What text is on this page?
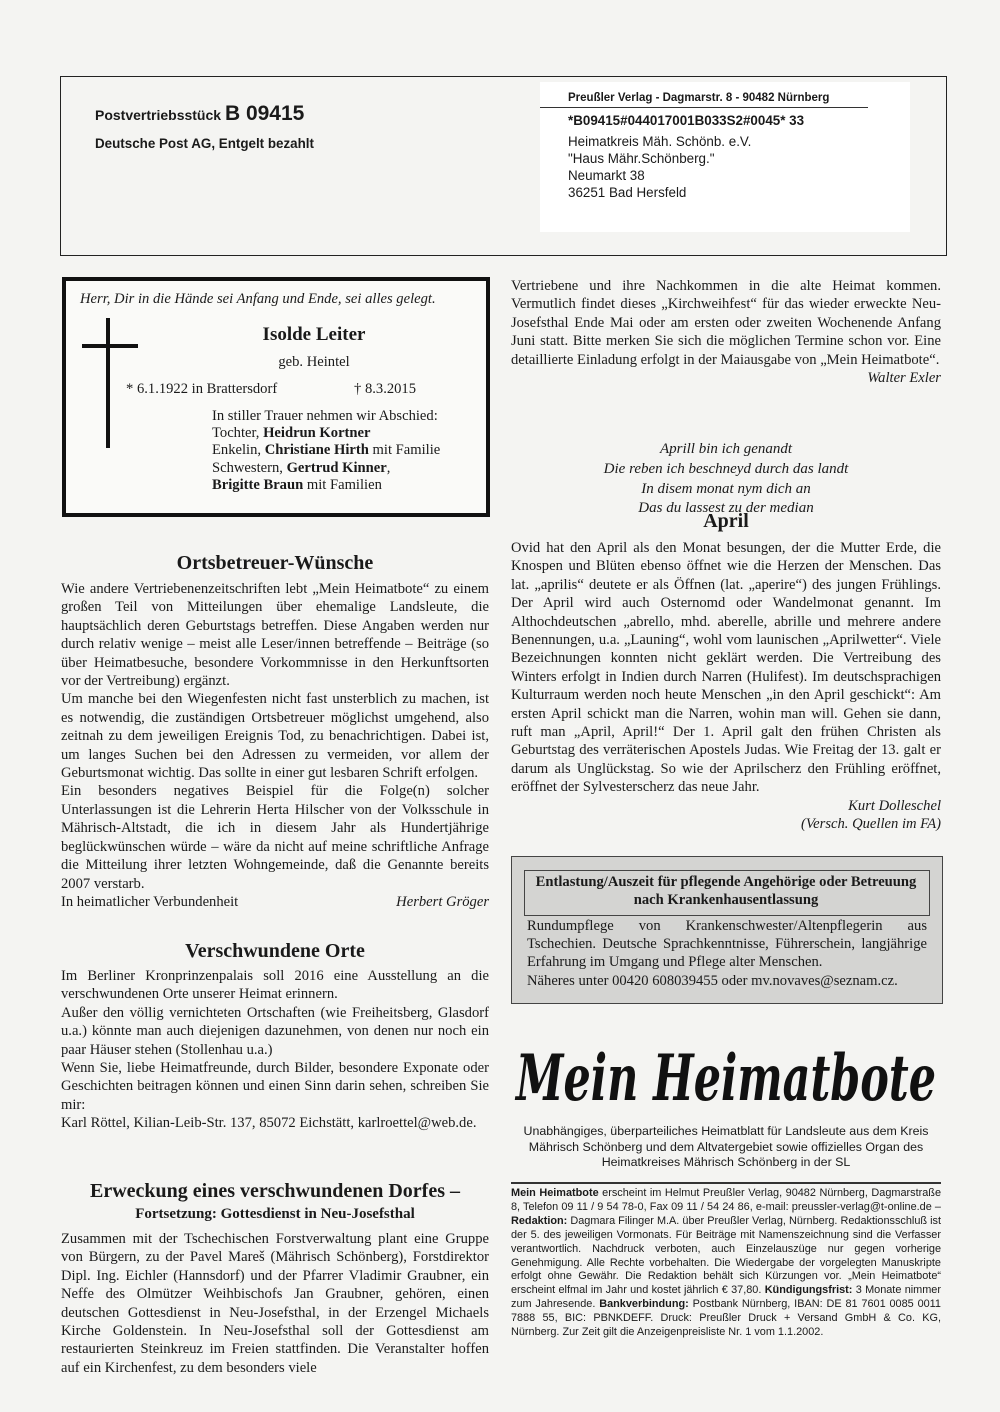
Postvertriebsstück B 09415
Deutsche Post AG, Entgelt bezahlt
Preußler Verlag - Dagmarstr. 8 - 90482 Nürnberg
*B09415#044017001B033S2#0045* 33
Heimatkreis Mäh. Schönb. e.V.
"Haus Mähr.Schönberg."
Neumarkt 38
36251 Bad Hersfeld
Herr, Dir in die Hände sei Anfang und Ende, sei alles gelegt.
Isolde Leiter
geb. Heintel
* 6.1.1922 in Brattersdorf	† 8.3.2015
In stiller Trauer nehmen wir Abschied:
Tochter, Heidrun Kortner
Enkelin, Christiane Hirth mit Familie
Schwestern, Gertrud Kinner,
Brigitte Braun mit Familien
Ortsbetreuer-Wünsche

Wie andere Vertriebenenzeitschriften lebt „Mein Heimatbote“ zu einem großen Teil von Mitteilungen über ehemalige Landsleute, die hauptsächlich deren Geburtstags betreffen. Diese Angaben werden nur durch relativ wenige – meist alle Leser/innen betreffende – Beiträge (so über Heimatbesuche, besondere Vorkommnisse in den Herkunftsorten vor der Vertreibung) ergänzt.

Um manche bei den Wiegenfesten nicht fast unsterblich zu machen, ist es notwendig, die zuständigen Ortsbetreuer möglichst umgehend, also zeitnah zu dem jeweiligen Ereignis Tod, zu benachrichtigen. Dabei ist, um langes Suchen bei den Adressen zu vermeiden, vor allem der Geburtsmonat wichtig. Das sollte in einer gut lesbaren Schrift erfolgen.

Ein besonders negatives Beispiel für die Folge(n) solcher Unterlassungen ist die Lehrerin Herta Hilscher von der Volksschule in Mährisch-Altstadt, die ich in diesem Jahr als Hundertjährige beglückwünschen würde – wäre da nicht auf meine schriftliche Anfrage die Mitteilung ihrer letzten Wohngemeinde, daß die Genannte bereits 2007 verstarb.

In heimatlicher Verbundenheit	Herbert Gröger
Verschwundene Orte

Im Berliner Kronprinzenpalais soll 2016 eine Ausstellung an die verschwundenen Orte unserer Heimat erinnern.

Außer den völlig vernichteten Ortschaften (wie Freiheitsberg, Glasdorf u.a.) könnte man auch diejenigen dazunehmen, von denen nur noch ein paar Häuser stehen (Stollenhau u.a.)

Wenn Sie, liebe Heimatfreunde, durch Bilder, besondere Exponate oder Geschichten beitragen können und einen Sinn darin sehen, schreiben Sie mir:

Karl Röttel, Kilian-Leib-Str. 137, 85072 Eichstätt, karlroettel@web.de.

Erweckung eines verschwundenen Dorfes –
Fortsetzung: Gottesdienst in Neu-Josefsthal

Zusammen mit der Tschechischen Forstverwaltung plant eine Gruppe von Bürgern, zu der Pavel Mareš (Mährisch Schönberg), Forstdirektor Dipl. Ing. Eichler (Hannsdorf) und der Pfarrer Vladimir Graubner, ein Neffe des Olmützer Weihbischofs Jan Graubner, gehören, einen deutschen Gottesdienst in Neu-Josefsthal, in der Erzengel Michaels Kirche Goldenstein. In Neu-Josefsthal soll der Gottesdienst am restaurierten Steinkreuz im Freien stattfinden. Die Veranstalter hoffen auf ein Kirchenfest, zu dem besonders viele

Vertriebene und ihre Nachkommen in die alte Heimat kommen. Vermutlich findet dieses „Kirchweihfest“ für das wieder erweckte Neu-Josefsthal Ende Mai oder am ersten oder zweiten Wochenende Anfang Juni statt. Bitte merken Sie sich die möglichen Termine schon vor. Eine detaillierte Einladung erfolgt in der Maiausgabe von „Mein Heimatbote“.

Walter Exler

Aprill bin ich genandt
Die reben ich beschneyd durch das landt
In disem monat nym dich an
Das du lassest zu der median
April

Ovid hat den April als den Monat besungen, der die Mutter Erde, die Knospen und Blüten ebenso öffnet wie die Herzen der Menschen. Das lat. „aprilis“ deutete er als Öffnen (lat. „aperire“) des jungen Frühlings. Der April wird auch Osternomd oder Wandelmonat genannt. Im Althochdeutschen „abrello, mhd. aberelle, abrille und mehrere andere Benennungen, u.a. „Launing“, wohl vom launischen „Aprilwetter“. Viele Bezeichnungen konnten nicht geklärt werden. Die Vertreibung des Winters erfolgt in Indien durch Narren (Hulifest). Im deutschsprachigen Kulturraum werden noch heute Menschen „in den April geschickt“: Am ersten April schickt man die Narren, wohin man will. Gehen sie dann, ruft man „April, April!“ Der 1. April galt den frühen Christen als Geburtstag des verräterischen Apostels Judas. Wie Freitag der 13. galt er darum als Unglückstag. So wie der Aprilscherz den Frühling eröffnet, eröffnet der Sylvesterscherz das neue Jahr.

Kurt Dolleschel

(Versch. Quellen im FA)

Entlastung/Auszeit für pflegende Angehörige oder Betreuung nach Krankenhausentlassung
Rundumpflege von Krankenschwester/Altenpflegerin aus Tschechien. Deutsche Sprachkenntnisse, Führerschein, langjährige Erfahrung im Umgang und Pflege alter Menschen.
Näheres unter 00420 608039455 oder mv.novaves@seznam.cz.
Mein Heimatbote
Unabhängiges, überparteiliches Heimatblatt für Landsleute aus dem Kreis Mährisch Schönberg und dem Altvatergebiet sowie offizielles Organ des Heimatkreises Mährisch Schönberg in der SL
Mein Heimatbote erscheint im Helmut Preußler Verlag, 90482 Nürnberg, Dagmarstraße 8, Telefon 09 11 / 9 54 78-0, Fax 09 11 / 54 24 86, e-mail: preussler-verlag@t-online.de – Redaktion: Dagmara Filinger M.A. über Preußler Verlag, Nürnberg. Redaktionsschluß ist der 5. des jeweiligen Vormonats. Für Beiträge mit Namenszeichnung sind die Verfasser verantwortlich. Nachdruck verboten, auch Einzelauszüge nur gegen vorherige Genehmigung. Alle Rechte vorbehalten. Die Wiedergabe der vorgelegten Manuskripte erfolgt ohne Gewähr. Die Redaktion behält sich Kürzungen vor. „Mein Heimatbote“ erscheint elfmal im Jahr und kostet jährlich € 37,80. Kündigungsfrist: 3 Monate nimmer zum Jahresende. Bankverbindung: Postbank Nürnberg, IBAN: DE 81 7601 0085 0011 7888 55, BIC: PBNKDEFF. Druck: Preußler Druck + Versand GmbH & Co. KG, Nürnberg. Zur Zeit gilt die Anzeigenpreisliste Nr. 1 vom 1.1.2002.
